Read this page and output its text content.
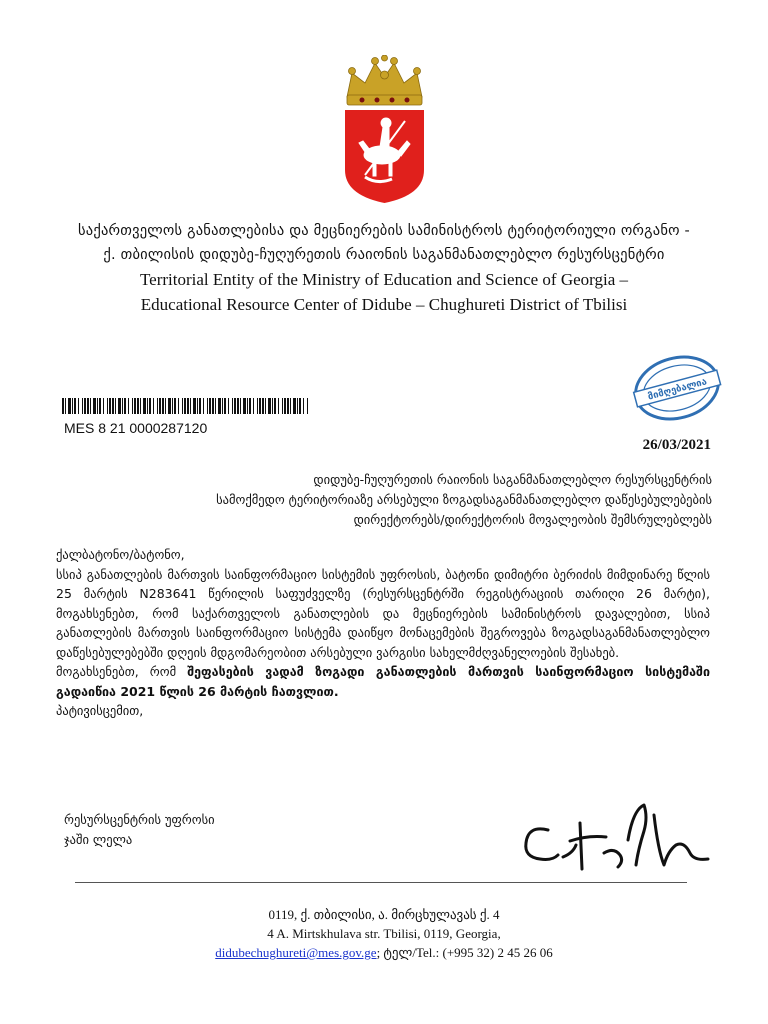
საქართველოს განათლებისა და მეცნიერების სამინისტროს ტერიტორიული ორგანო -
ქ. თბილისის დიდუბე-ჩუღურეთის რაიონის საგანმანათლებლო რესურსცენტრი
Territorial Entity of the Ministry of Education and Science of Georgia –
Educational Resource Center of Didube – Chughureti District of Tbilisi
MES 8 21 0000287120
მიმღებალია
26/03/2021
დიდუბე-ჩუღურეთის რაიონის საგანმანათლებლო რესურსცენტრის
სამოქმედო ტერიტორიაზე არსებული ზოგადსაგანმანათლებლო დაწესებულებების
დირექტორებს/დირექტორის მოვალეობის შემსრულებლებს
ქალბატონო/ბატონო,
სსიპ განათლების მართვის საინფორმაციო სისტემის უფროსის, ბატონი დიმიტრი ბერიძის მიმდინარე წლის 25 მარტის N283641 წერილის საფუძველზე (რესურსცენტრში რეგისტრაციის თარიღი 26 მარტი), მოგახსენებთ, რომ საქართველოს განათლების და მეცნიერების სამინისტროს დავალებით, სსიპ განათლების მართვის საინფორმაციო სისტემა დაიწყო მონაცემების შეგროვება ზოგადსაგანმანათლებლო დაწესებულებებში დღეის მდგომარეობით არსებული ვარგისი სახელმძღვანელოების შესახებ.
მოგახსენებთ, რომ შეფასების ვადამ ზოგადი განათლების მართვის საინფორმაციო სისტემაში გადაიწია 2021 წლის 26 მარტის ჩათვლით.
პატივისცემით,
რესურსცენტრის უფროსი
ჯაში ლელა
0119, ქ. თბილისი, ა. მირცხულავას ქ. 4
4 A. Mirtskhulava str. Tbilisi, 0119, Georgia,
didubechughureti@mes.gov.ge; ტელ/Tel.: (+995 32) 2 45 26 06
